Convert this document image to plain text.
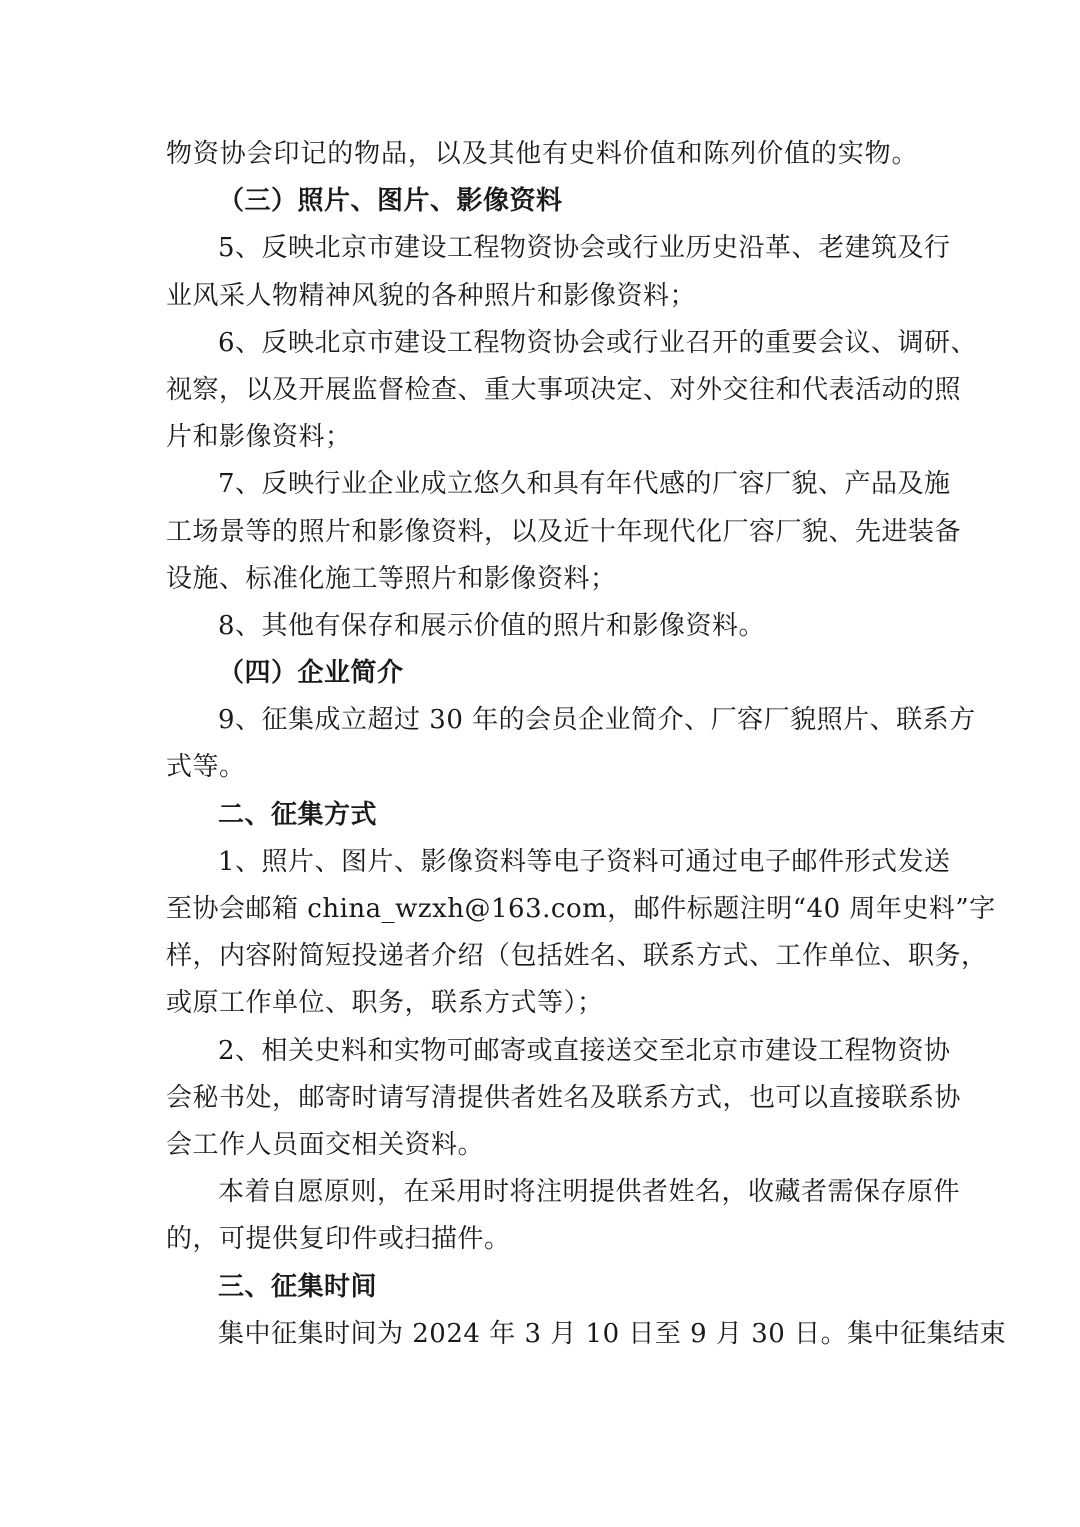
物资协会印记的物品，以及其他有史料价值和陈列价值的实物。
（三）照片、图片、影像资料
5、反映北京市建设工程物资协会或行业历史沿革、老建筑及行
业风采人物精神风貌的各种照片和影像资料；
6、反映北京市建设工程物资协会或行业召开的重要会议、调研、
视察，以及开展监督检查、重大事项决定、对外交往和代表活动的照
片和影像资料；
7、反映行业企业成立悠久和具有年代感的厂容厂貌、产品及施
工场景等的照片和影像资料，以及近十年现代化厂容厂貌、先进装备
设施、标准化施工等照片和影像资料；
8、其他有保存和展示价值的照片和影像资料。
（四）企业简介
9、征集成立超过 30 年的会员企业简介、厂容厂貌照片、联系方
式等。
二、征集方式
1、照片、图片、影像资料等电子资料可通过电子邮件形式发送
至协会邮箱 china_wzxh@163.com，邮件标题注明“40 周年史料”字
样，内容附简短投递者介绍（包括姓名、联系方式、工作单位、职务，
或原工作单位、职务，联系方式等）；
2、相关史料和实物可邮寄或直接送交至北京市建设工程物资协
会秘书处，邮寄时请写清提供者姓名及联系方式，也可以直接联系协
会工作人员面交相关资料。
本着自愿原则，在采用时将注明提供者姓名，收藏者需保存原件
的，可提供复印件或扫描件。
三、征集时间
集中征集时间为 2024 年 3 月 10 日至 9 月 30 日。集中征集结束
